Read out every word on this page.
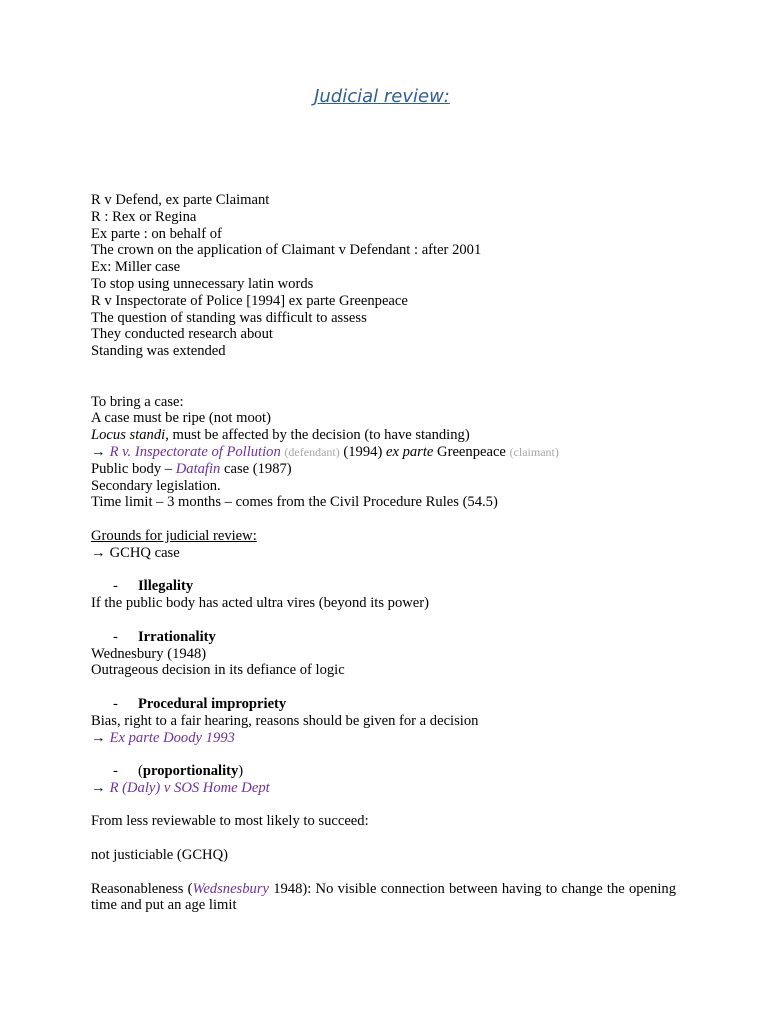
Judicial review:
R v Defend, ex parte Claimant
R : Rex or Regina
Ex parte : on behalf of
The crown on the application of Claimant v Defendant : after 2001
Ex: Miller case
To stop using unnecessary latin words
R v Inspectorate of Police [1994] ex parte Greenpeace
The question of standing was difficult to assess
They conducted research about
Standing was extended
To bring a case:
A case must be ripe (not moot)
Locus standi, must be affected by the decision (to have standing)
→ R v. Inspectorate of Pollution (defendant) (1994) ex parte Greenpeace (claimant)
Public body – Datafin case (1987)
Secondary legislation.
Time limit – 3 months – comes from the Civil Procedure Rules (54.5)
Grounds for judicial review:
→ GCHQ case
- Illegality
If the public body has acted ultra vires (beyond its power)
- Irrationality
Wednesbury (1948)
Outrageous decision in its defiance of logic
- Procedural impropriety
Bias, right to a fair hearing, reasons should be given for a decision
→ Ex parte Doody 1993
- (proportionality)
→ R (Daly) v SOS Home Dept
From less reviewable to most likely to succeed:
not justiciable (GCHQ)
Reasonableness (Wedsnesbury 1948): No visible connection between having to change the opening time and put an age limit
